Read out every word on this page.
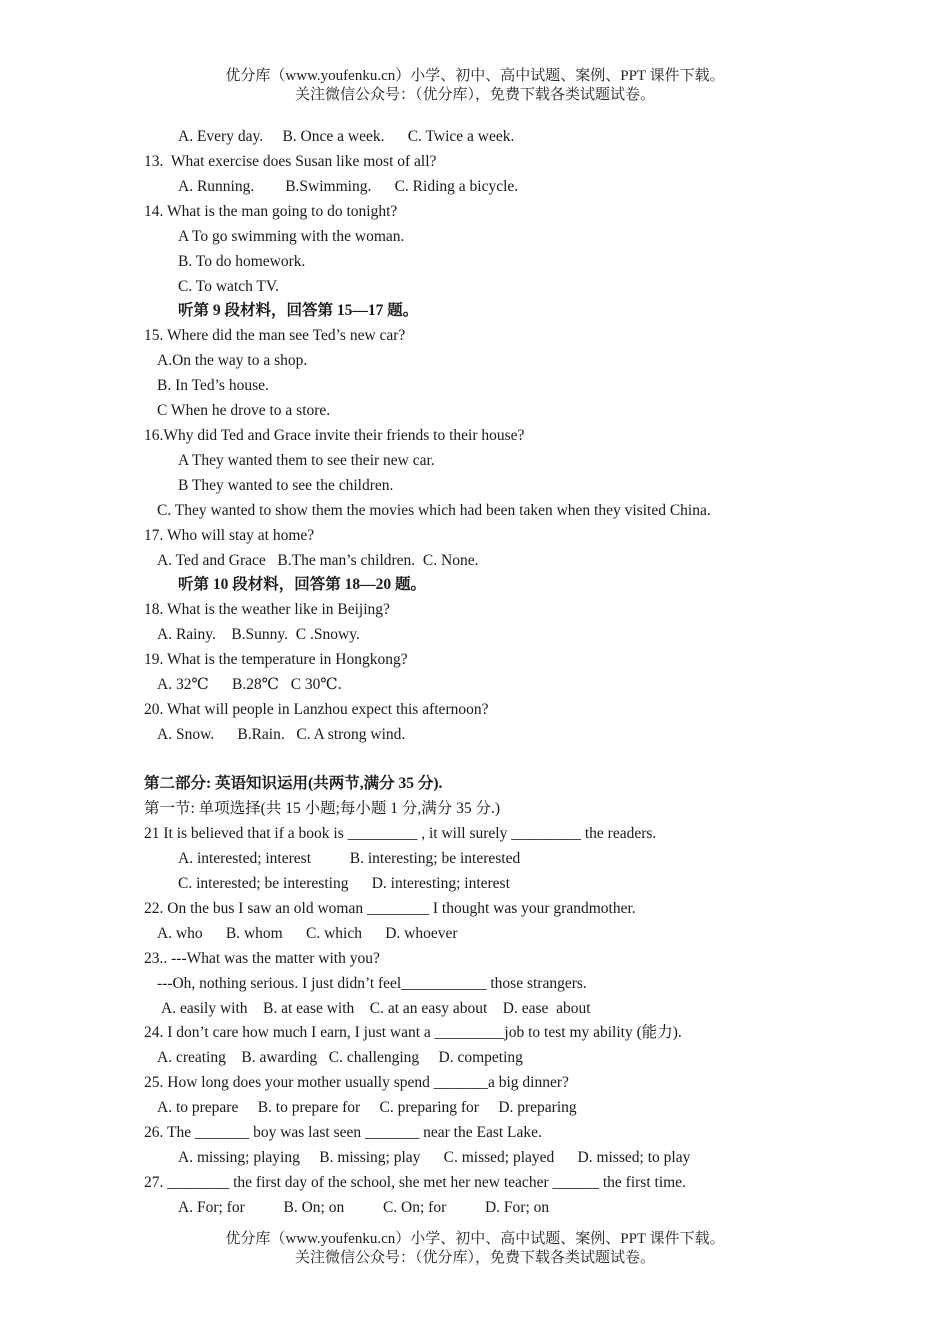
优分库（www.youfenku.cn）小学、初中、高中试题、案例、PPT 课件下载。
关注微信公众号：（优分库），免费下载各类试题试卷。
A. Every day.     B. Once a week.      C. Twice a week.
13.  What exercise does Susan like most of all?
A. Running.        B.Swimming.      C. Riding a bicycle.
14. What is the man going to do tonight?
A To go swimming with the woman.
B. To do homework.
C. To watch TV.
听第 9 段材料，回答第 15—17 题。
15. Where did the man see Ted’s new car?
A.On the way to a shop.
B. In Ted’s house.
C When he drove to a store.
16.Why did Ted and Grace invite their friends to their house?
A They wanted them to see their new car.
B They wanted to see the children.
C. They wanted to show them the movies which had been taken when they visited China.
17. Who will stay at home?
A. Ted and Grace   B.The man’s children.  C. None.
听第 10 段材料，回答第 18—20 题。
18. What is the weather like in Beijing?
A. Rainy.    B.Sunny.  C .Snowy.
19. What is the temperature in Hongkong?
A. 32℃      B.28℃   C 30℃.
20. What will people in Lanzhou expect this afternoon?
A. Snow.      B.Rain.   C. A strong wind.
第二部分: 英语知识运用(共两节,满分 35 分).
第一节: 单项选择(共 15 小题;每小题 1 分,满分 35 分.)
21 It is believed that if a book is _________ , it will surely _________ the readers.
A. interested; interest          B. interesting; be interested
C. interested; be interesting      D. interesting; interest
22. On the bus I saw an old woman ________ I thought was your grandmother.
A. who      B. whom      C. which      D. whoever
23.. ---What was the matter with you?
---Oh, nothing serious. I just didn’t feel___________ those strangers.
A. easily with    B. at ease with    C. at an easy about    D. ease  about
24. I don’t care how much I earn, I just want a _________job to test my ability (能力).
A. creating    B. awarding   C. challenging     D. competing
25. How long does your mother usually spend _______a big dinner?
A. to prepare     B. to prepare for     C. preparing for     D. preparing
26. The _______ boy was last seen _______ near the East Lake.
A. missing; playing     B. missing; play      C. missed; played      D. missed; to play
27. ________ the first day of the school, she met her new teacher ______ the first time.
A. For; for          B. On; on          C. On; for          D. For; on
优分库（www.youfenku.cn）小学、初中、高中试题、案例、PPT 课件下载。
关注微信公众号：（优分库），免费下载各类试题试卷。
